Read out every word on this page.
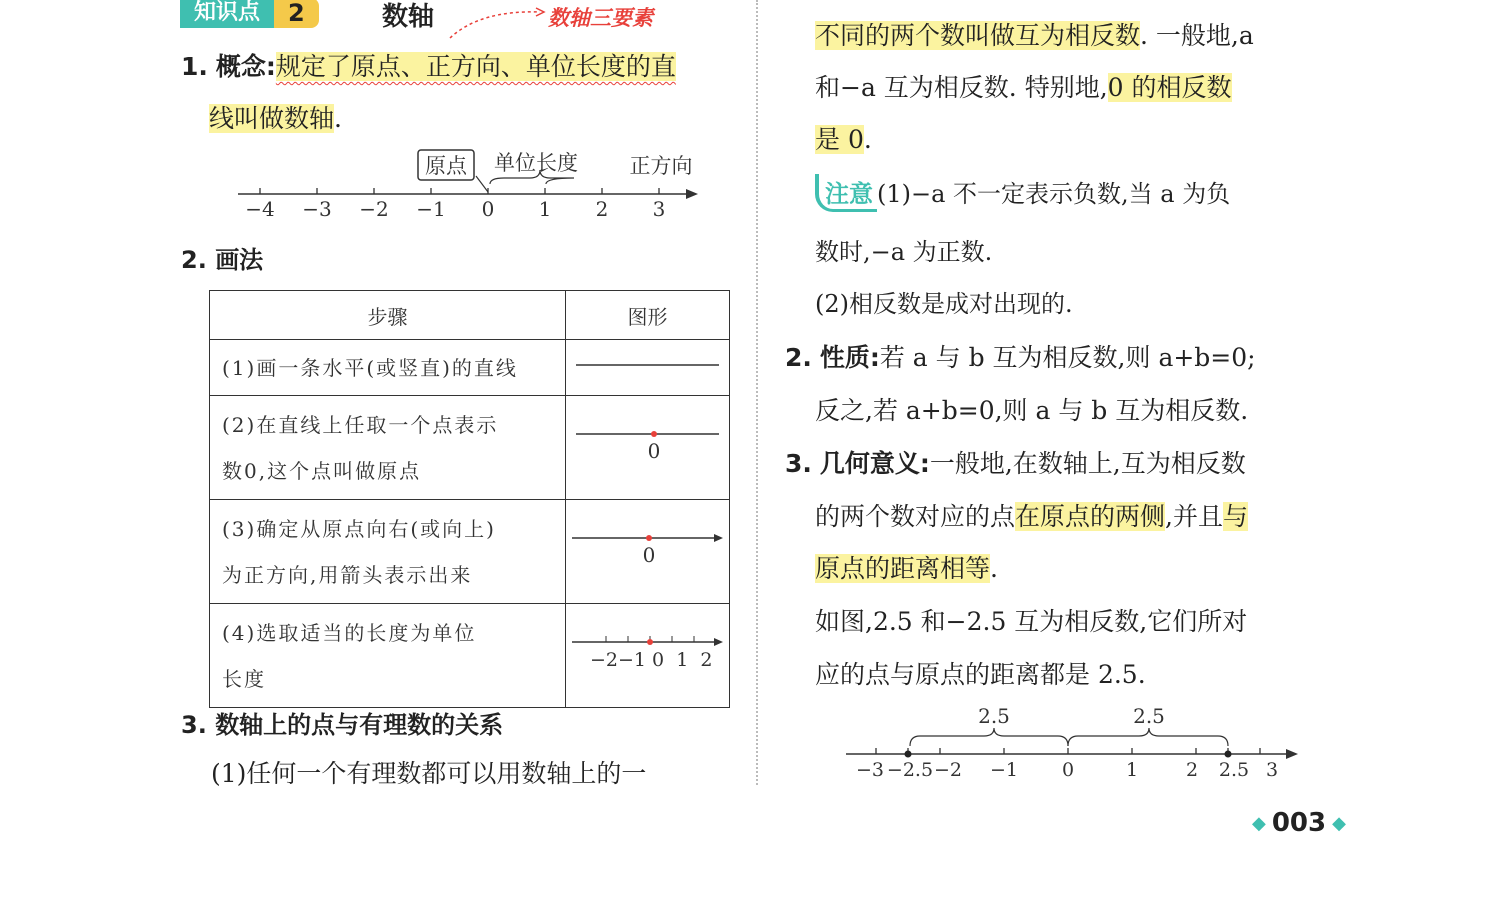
知识点	2	数轴	数轴三要素
1. 概念:规定了原点、正方向、单位长度的直
线叫做数轴.
原点 单位长度 正方向
−4 −3 −2 −1 0 1 2 3
2. 画法
步骤	图形
(1)画一条水平(或竖直)的直线	

(2)在直线上任取一个点表示
数0,这个点叫做原点	0

(3)确定从原点向右(或向上)
为正方向,用箭头表示出来	0

(4)选取适当的长度为单位
长度	−2−1 0  1  2
3. 数轴上的点与有理数的关系
(1)任何一个有理数都可以用数轴上的一
不同的两个数叫做互为相反数. 一般地,a
和−a 互为相反数. 特别地,0 的相反数
是 0.
注意 (1)−a 不一定表示负数,当 a 为负
数时,−a 为正数.
(2)相反数是成对出现的.
2. 性质:若 a 与 b 互为相反数,则 a+b=0;
反之,若 a+b=0,则 a 与 b 互为相反数.
3. 几何意义:一般地,在数轴上,互为相反数
的两个数对应的点在原点的两侧,并且与
原点的距离相等.
如图,2.5 和−2.5 互为相反数,它们所对
应的点与原点的距离都是 2.5.
2.5	2.5
−3 −2.5 −2 −1 0	1	2 2.5 3
◆ 003 ◆
